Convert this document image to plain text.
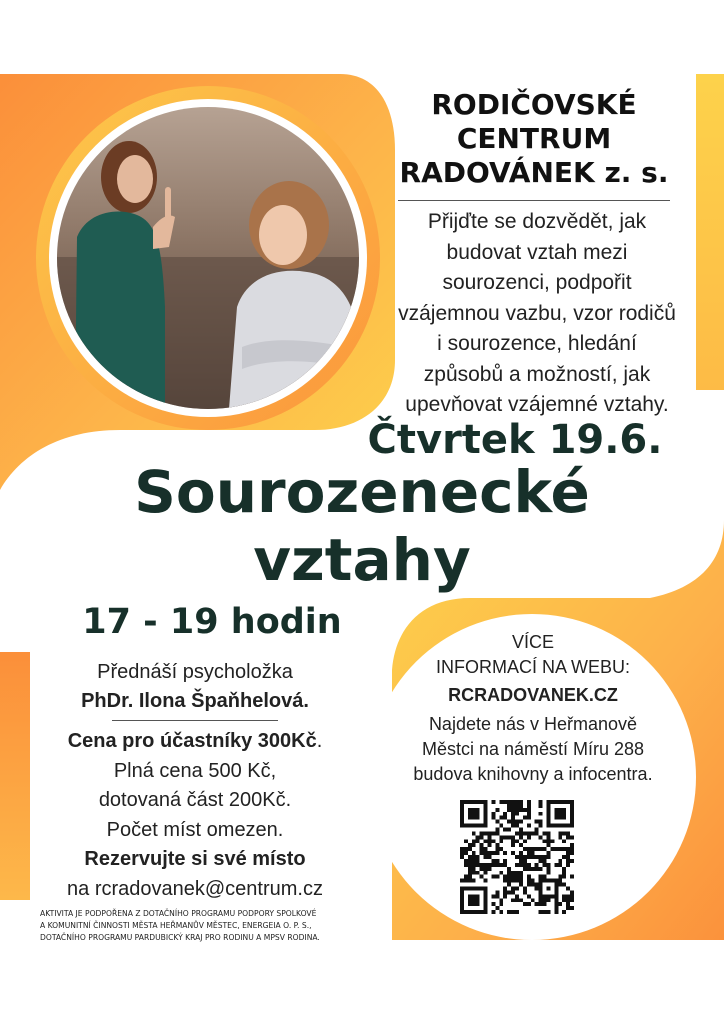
RODIČOVSKÉ
CENTRUM
RADOVÁNEK z. s.
Přijďte se dozvědět, jak
budovat vztah mezi
sourozenci, podpořit
vzájemnou vazbu, vzor rodičů
i sourozence, hledání
způsobů a možností, jak
upevňovat vzájemné vztahy.
Čtvrtek 19.6.
Sourozenecké
vztahy
17 - 19 hodin
Přednáší psycholožka
PhDr. Ilona Špaňhelová.
Cena pro účastníky 300Kč.
Plná cena 500 Kč,
dotovaná část 200Kč.
Počet míst omezen.
Rezervujte si své místo
na rcradovanek@centrum.cz
VÍCE
INFORMACÍ NA WEBU:
RCRADOVANEK.CZ
Najdete nás v Heřmanově
Městci na náměstí Míru 288
budova knihovny a infocentra.
AKTIVITA JE PODPOŘENA Z DOTAČNÍHO PROGRAMU PODPORY SPOLKOVÉ
A KOMUNITNÍ ČINNOSTI MĚSTA HEŘMANŮV MĚSTEC, ENERGEIA O. P. S.,
DOTAČNÍHO PROGRAMU PARDUBICKÝ KRAJ PRO RODINU A MPSV RODINA.
